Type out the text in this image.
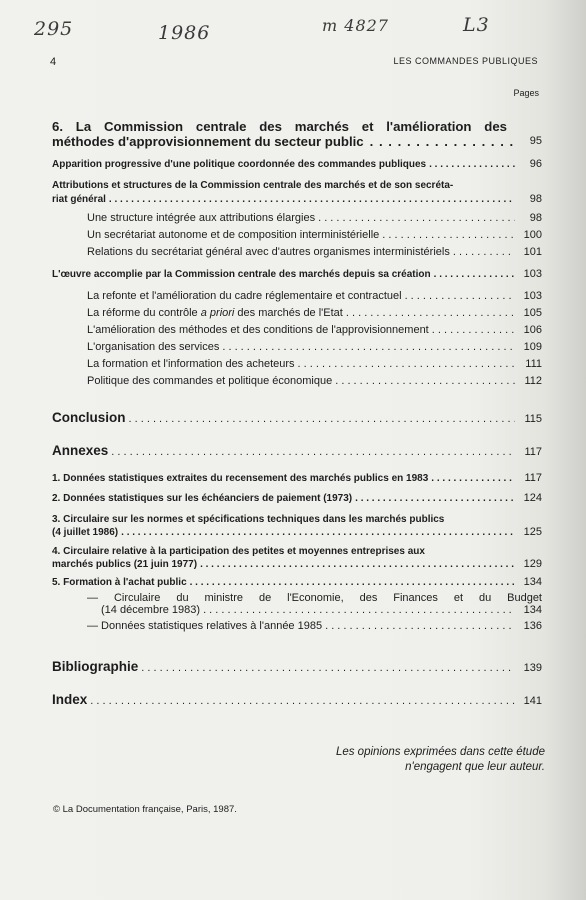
295	1986	m 4827	L3
4	LES COMMANDES PUBLIQUES
Pages
6. La Commission centrale des marchés et l'amélioration des
méthodes d'approvisionnement du secteur public . . . . . . . . . . . . . . . . 95
Apparition progressive d'une politique coordonnée des commandes publiques . . .	96
Attributions et structures de la Commission centrale des marchés et de son secréta-
riat général . . .	98
Une structure intégrée aux attributions élargies . . .	98
Un secrétariat autonome et de composition interministérielle . . .	100
Relations du secrétariat général avec d'autres organismes interministériels . . .	101
L'œuvre accomplie par la Commission centrale des marchés depuis sa création . . .	103
La refonte et l'amélioration du cadre réglementaire et contractuel . . .	103
La réforme du contrôle a priori des marchés de l'Etat . . .	105
L'amélioration des méthodes et des conditions de l'approvisionnement . . .	106
L'organisation des services . . .	109
La formation et l'information des acheteurs . . .	111
Politique des commandes et politique économique . . .	112
Conclusion . . .	115
Annexes . . .	117
1. Données statistiques extraites du recensement des marchés publics en 1983 . . .	117
2. Données statistiques sur les échéanciers de paiement (1973) . . .	124
3. Circulaire sur les normes et spécifications techniques dans les marchés publics
(4 juillet 1986) . . .	125
4. Circulaire relative à la participation des petites et moyennes entreprises aux
marchés publics (21 juin 1977) . . .	129
5. Formation à l'achat public . . .	134
— Circulaire du ministre de l'Economie, des Finances et du Budget
(14 décembre 1983) . . .	134
— Données statistiques relatives à l'année 1985 . . .	136
Bibliographie . . .	139
Index . . .	141
Les opinions exprimées dans cette étude
n'engagent que leur auteur.
© La Documentation française, Paris, 1987.
